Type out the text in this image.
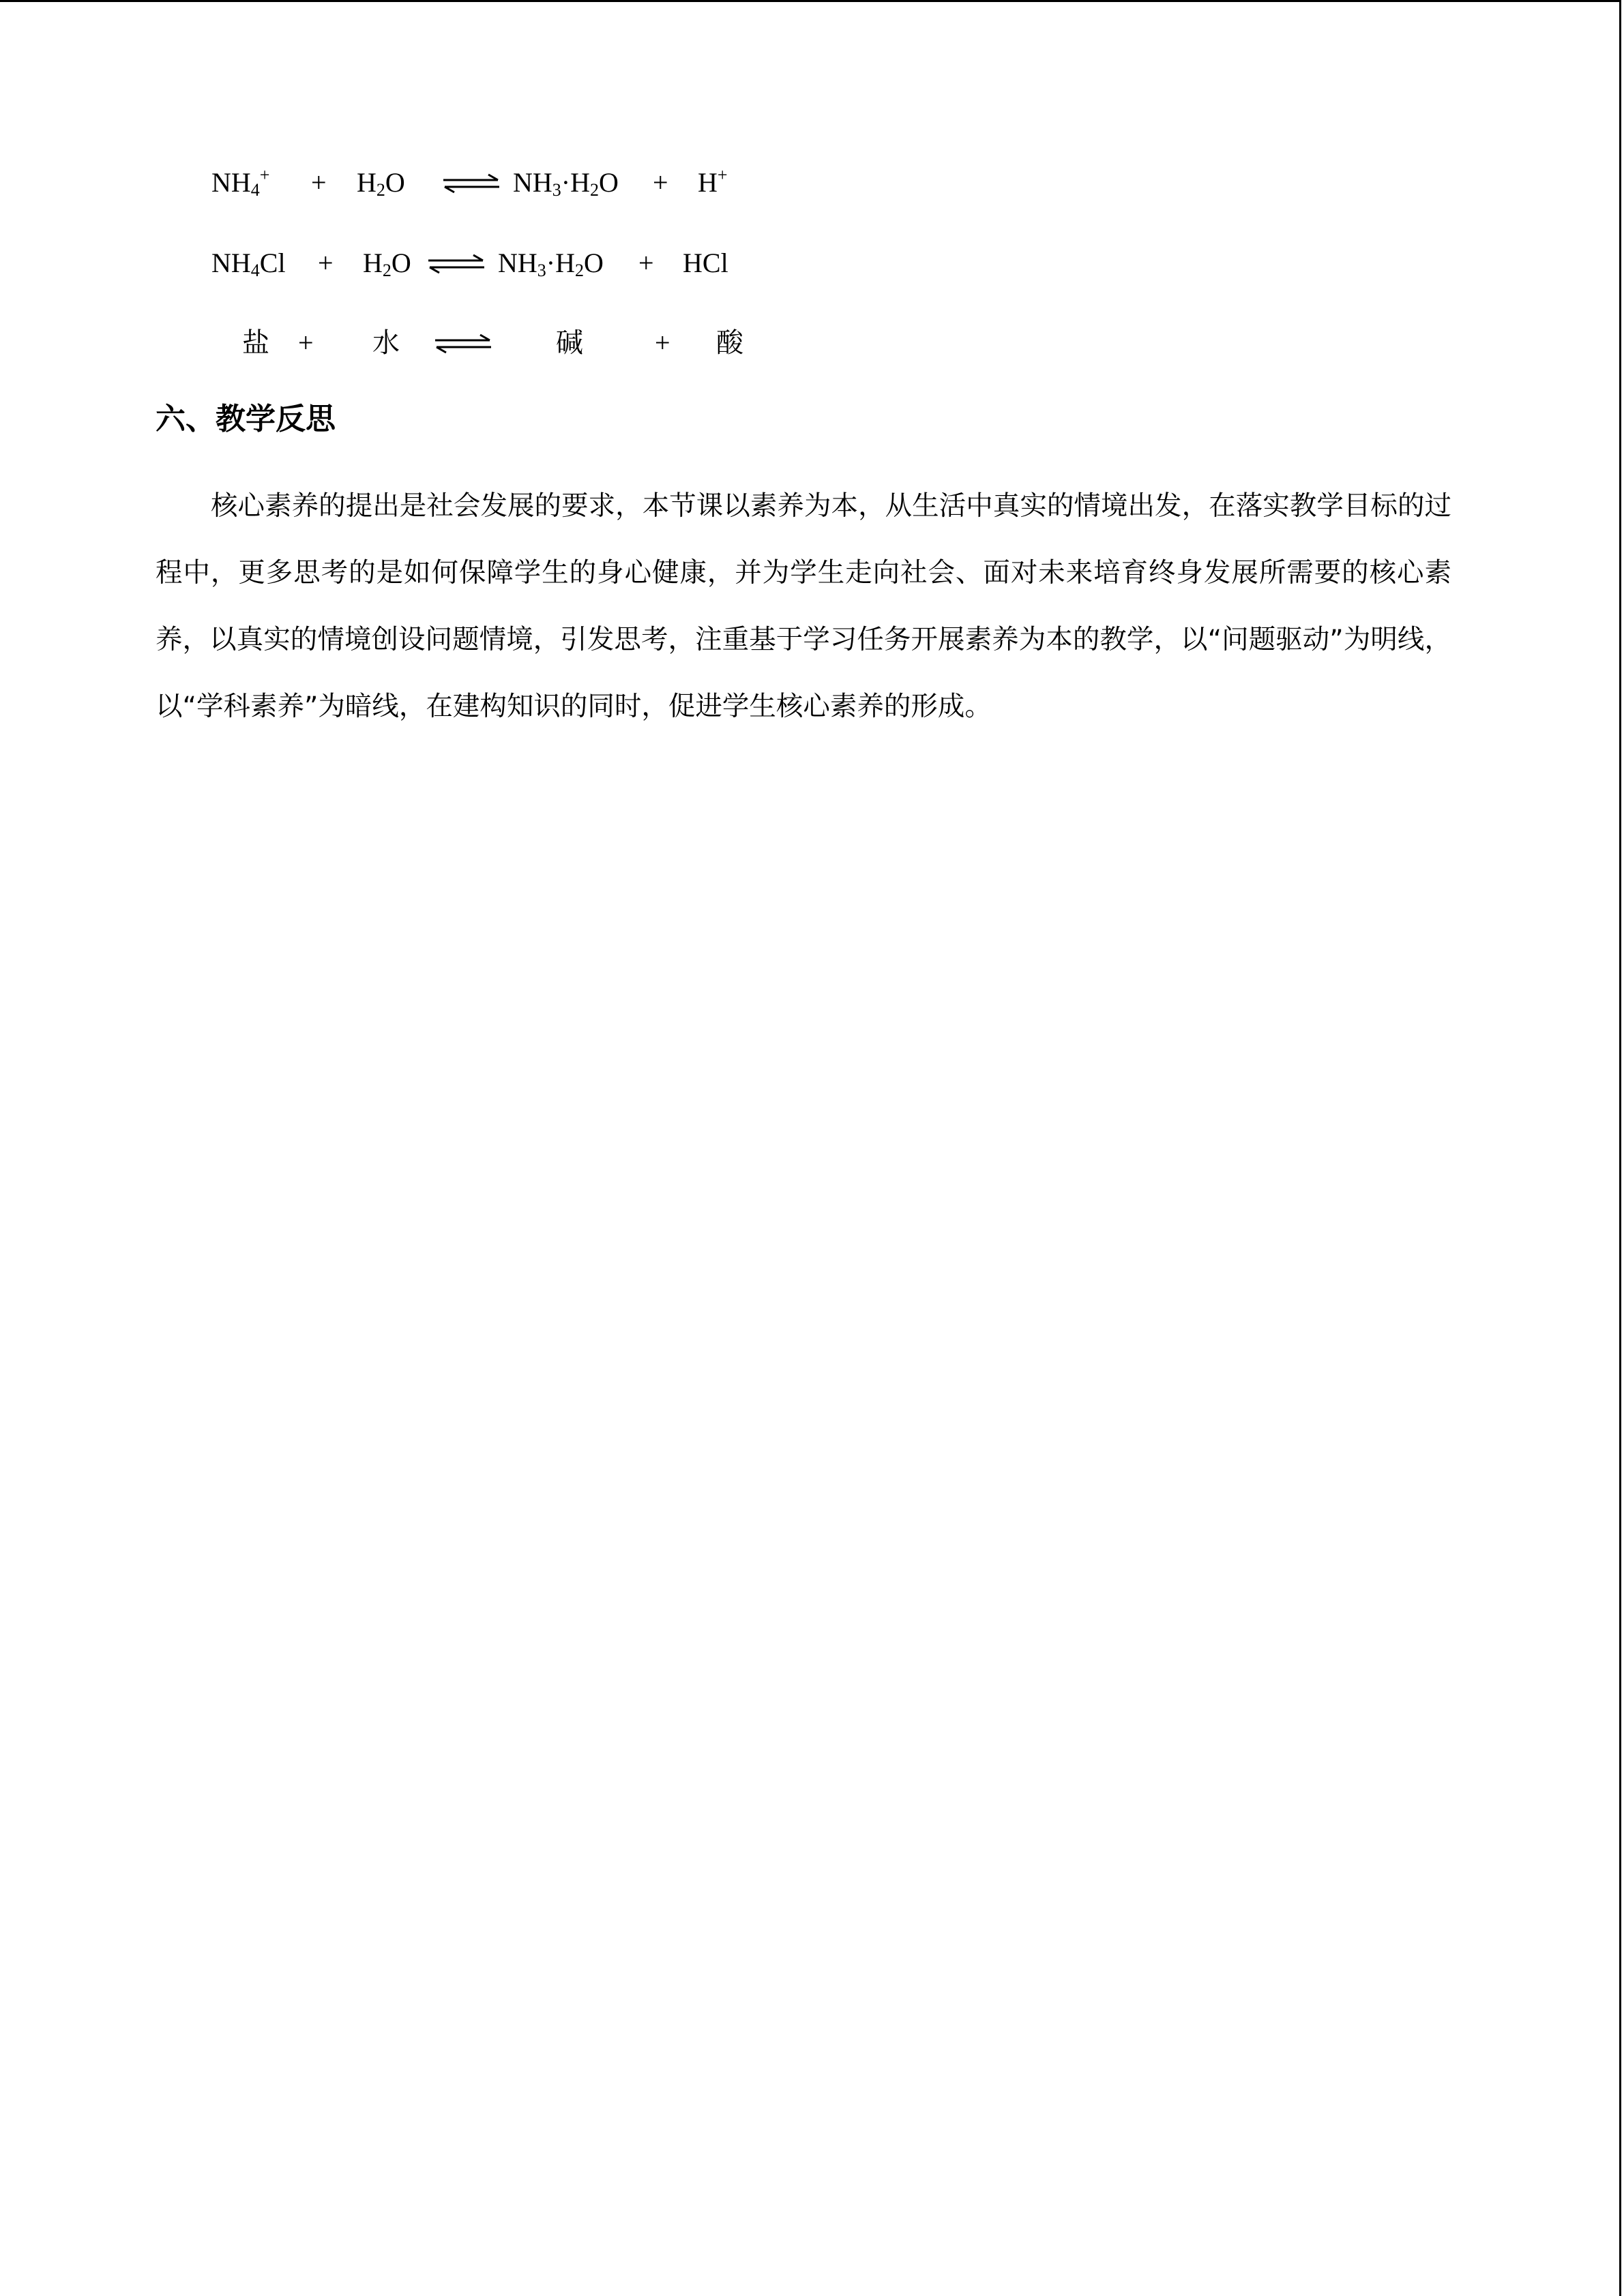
$NH_4^+ + H_2O$ ⇌ $NH_3\cdot H_2O + H^+$
$NH_4Cl + H_2O$ ⇌ $NH_3\cdot H_2O$ + HCl
盐 + 水 ⇌ 碱	+ 酸
六、教学反思
核心素养的提出是社会发展的要求，本节课以素养为本，从生活中真实的情境出发，在落实教学目标的过程中，更多思考的是如何保障学生的身心健康，并为学生走向社会、面对未来培育终身发展所需要的核心素养，以真实的情境创设问题情境，引发思考，注重基于学习任务开展素养为本的教学，以“问题驱动”为明线，以“学科素养”为暗线，在建构知识的同时，促进学生核心素养的形成。
